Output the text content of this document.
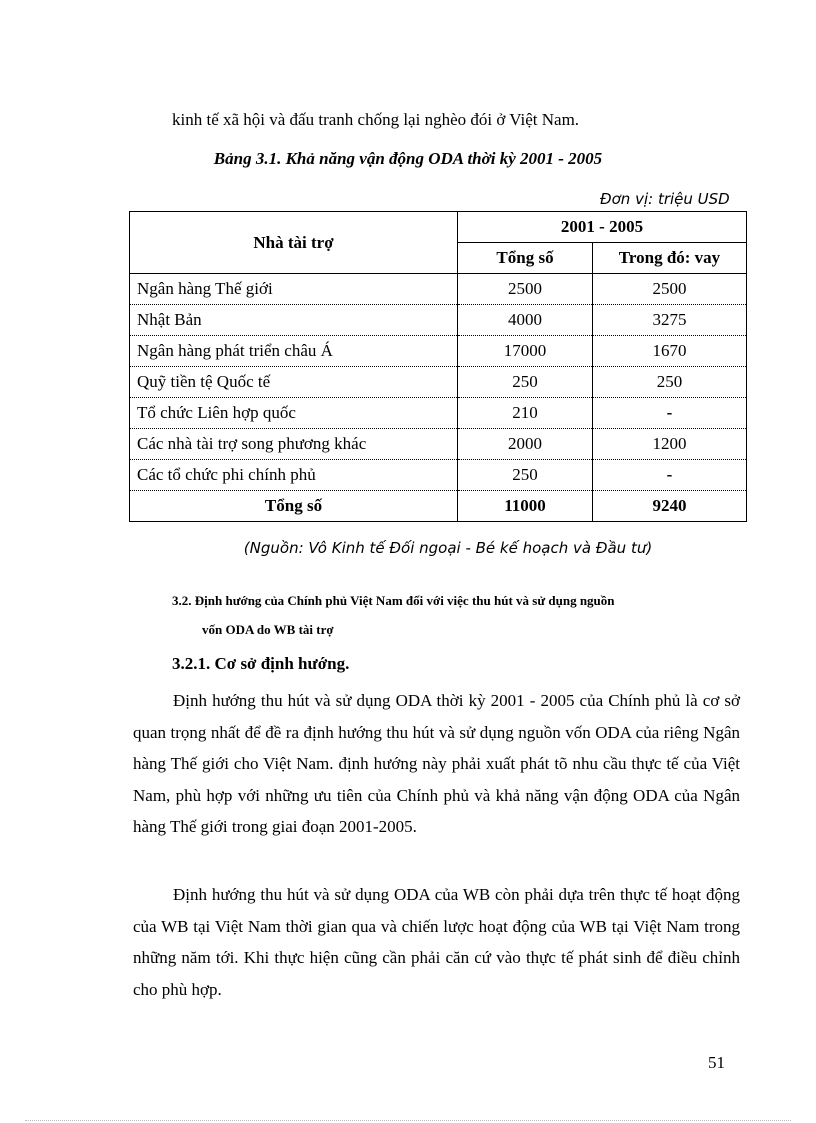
kinh tế xã hội và đấu tranh chống lại nghèo đói ở Việt Nam.
Bảng 3.1. Khả năng vận động ODA thời kỳ 2001 - 2005
Đơn vị: triệu USD
Nhà tài trợ	2001 - 2005	
	Tổng số	Trong đó: vay
Ngân hàng Thế giới	2500	2500
Nhật Bản	4000	3275
Ngân hàng phát triển châu Á	17000	1670
Quỹ tiền tệ Quốc tế	250	250
Tổ chức Liên hợp quốc	210	-
Các nhà tài trợ song phương khác	2000	1200
Các tổ chức phi chính phủ	250	-
Tổng số	11000	9240
(Nguồn: Vô Kinh tế Đối ngoại - Bé kế hoạch và Đầu tư)
3.2. Định hướng của Chính phủ Việt Nam đối với việc thu hút và sử dụng nguồn
vốn ODA do WB tài trợ
3.2.1. Cơ sở định hướng.
Định hướng thu hút và sử dụng ODA thời kỳ 2001 - 2005 của Chính phủ là cơ sở quan trọng nhất để đề ra định hướng thu hút và sử dụng nguồn vốn ODA của riêng Ngân hàng Thế giới cho Việt Nam. định hướng này phải xuất phát tõ nhu cầu thực tế của Việt Nam, phù hợp với những ưu tiên của Chính phủ và khả năng vận động ODA của Ngân hàng Thế giới trong giai đoạn 2001-2005.
Định hướng thu hút và sử dụng ODA của WB còn phải dựa trên thực tế hoạt động của WB tại Việt Nam thời gian qua và chiến lược hoạt động của WB tại Việt Nam trong những năm tới. Khi thực hiện cũng cần phải căn cứ vào thực tế phát sinh để điều chỉnh cho phù hợp.
51
